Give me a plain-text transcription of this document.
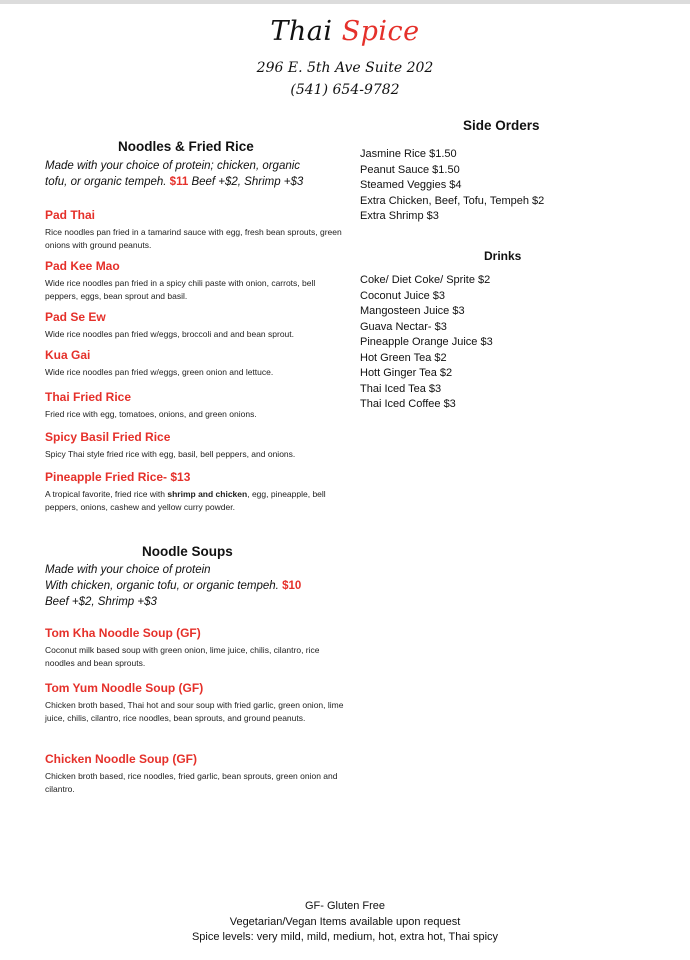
Thai Spice
296 E. 5th Ave Suite 202
(541) 654-9782
Noodles & Fried Rice
Made with your choice of protein; chicken, organic
tofu, or organic tempeh. $11 Beef +$2, Shrimp +$3
Pad Thai
Rice noodles pan fried in a tamarind sauce with egg, fresh bean sprouts, green onions with ground peanuts.
Pad Kee Mao
Wide rice noodles pan fried in a spicy chili paste with onion, carrots, bell peppers, eggs, bean sprout and basil.
Pad Se Ew
Wide rice noodles pan fried w/eggs, broccoli and and bean sprout.
Kua Gai
Wide rice noodles pan fried w/eggs, green onion and lettuce.
Thai Fried Rice
Fried rice with egg, tomatoes, onions, and green onions.
Spicy Basil Fried Rice
Spicy Thai style fried rice with egg, basil, bell peppers, and onions.
Pineapple Fried Rice- $13
A tropical favorite, fried rice with shrimp and chicken, egg, pineapple, bell peppers, onions, cashew and yellow curry powder.
Noodle Soups
Made with your choice of protein
With chicken, organic tofu, or organic tempeh. $10
Beef +$2, Shrimp +$3
Tom Kha Noodle Soup (GF)
Coconut milk based soup with green onion, lime juice, chilis, cilantro, rice noodles and bean sprouts.
Tom Yum Noodle Soup (GF)
Chicken broth based, Thai hot and sour soup with fried garlic, green onion, lime juice, chilis, cilantro, rice noodles, bean sprouts, and ground peanuts.
Chicken Noodle Soup (GF)
Chicken broth based, rice noodles, fried garlic, bean sprouts, green onion and cilantro.
Side Orders
Jasmine Rice $1.50
Peanut Sauce $1.50
Steamed Veggies $4
Extra Chicken, Beef, Tofu, Tempeh $2
Extra Shrimp $3
Drinks
Coke/ Diet Coke/ Sprite $2
Coconut Juice $3
Mangosteen Juice $3
Guava Nectar- $3
Pineapple Orange Juice $3
Hot Green Tea $2
Hott Ginger Tea $2
Thai Iced Tea $3
Thai Iced Coffee $3
GF- Gluten Free
Vegetarian/Vegan Items available upon request
Spice levels: very mild, mild, medium, hot, extra hot, Thai spicy
